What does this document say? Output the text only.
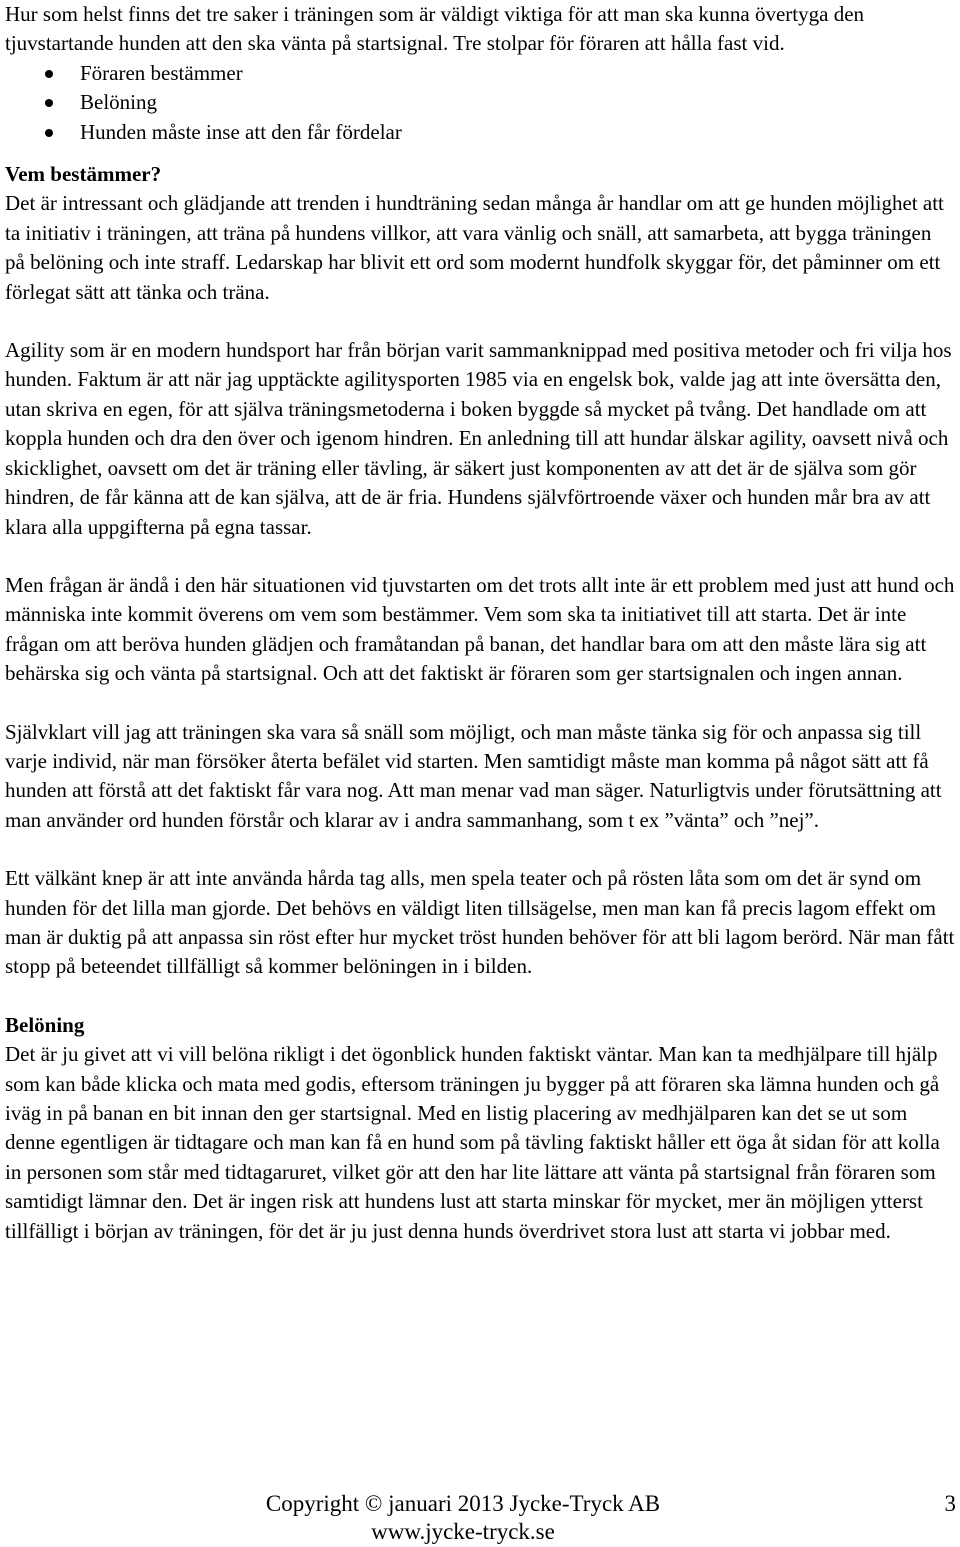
Hur som helst finns det tre saker i träningen som är väldigt viktiga för att man ska kunna övertyga den tjuvstartande hunden att den ska vänta på startsignal. Tre stolpar för föraren att hålla fast vid.

Föraren bestämmer
Belöning
Hunden måste inse att den får fördelar

Vem bestämmer?

Det är intressant och glädjande att trenden i hundträning sedan många år handlar om att ge hunden möjlighet att ta initiativ i träningen, att träna på hundens villkor, att vara vänlig och snäll, att samarbeta, att bygga träningen på belöning och inte straff. Ledarskap har blivit ett ord som modernt hundfolk skyggar för, det påminner om ett förlegat sätt att tänka och träna.

Agility som är en modern hundsport har från början varit sammanknippad med positiva metoder och fri vilja hos hunden. Faktum är att när jag upptäckte agilitysporten 1985 via en engelsk bok, valde jag att inte översätta den, utan skriva en egen, för att själva träningsmetoderna i boken byggde så mycket på tvång. Det handlade om att koppla hunden och dra den över och igenom hindren. En anledning till att hundar älskar agility, oavsett nivå och skicklighet, oavsett om det är träning eller tävling, är säkert just komponenten av att det är de själva som gör hindren, de får känna att de kan själva, att de är fria. Hundens självförtroende växer och hunden mår bra av att klara alla uppgifterna på egna tassar.

Men frågan är ändå i den här situationen vid tjuvstarten om det trots allt inte är ett problem med just att hund och människa inte kommit överens om vem som bestämmer. Vem som ska ta initiativet till att starta. Det är inte frågan om att beröva hunden glädjen och framåtandan på banan, det handlar bara om att den måste lära sig att behärska sig och vänta på startsignal. Och att det faktiskt är föraren som ger startsignalen och ingen annan.

Självklart vill jag att träningen ska vara så snäll som möjligt, och man måste tänka sig för och anpassa sig till varje individ, när man försöker återta befälet vid starten. Men samtidigt måste man komma på något sätt att få hunden att förstå att det faktiskt får vara nog. Att man menar vad man säger. Naturligtvis under förutsättning att man använder ord hunden förstår och klarar av i andra sammanhang, som t ex ”vänta” och ”nej”.

Ett välkänt knep är att inte använda hårda tag alls, men spela teater och på rösten låta som om det är synd om hunden för det lilla man gjorde. Det behövs en väldigt liten tillsägelse, men man kan få precis lagom effekt om man är duktig på att anpassa sin röst efter hur mycket tröst hunden behöver för att bli lagom berörd. När man fått stopp på beteendet tillfälligt så kommer belöningen in i bilden.

Belöning

Det är ju givet att vi vill belöna rikligt i det ögonblick hunden faktiskt väntar. Man kan ta medhjälpare till hjälp som kan både klicka och mata med godis, eftersom träningen ju bygger på att föraren ska lämna hunden och gå iväg in på banan en bit innan den ger startsignal. Med en listig placering av medhjälparen kan det se ut som denne egentligen är tidtagare och man kan få en hund som på tävling faktiskt håller ett öga åt sidan för att kolla in personen som står med tidtagaruret, vilket gör att den har lite lättare att vänta på startsignal från föraren som samtidigt lämnar den. Det är ingen risk att hundens lust att starta minskar för mycket, mer än möjligen ytterst tillfälligt i början av träningen, för det är ju just denna hunds överdrivet stora lust att starta vi jobbar med.

Copyright © januari 2013 Jycke-Tryck AB
www.jycke-tryck.se
3
